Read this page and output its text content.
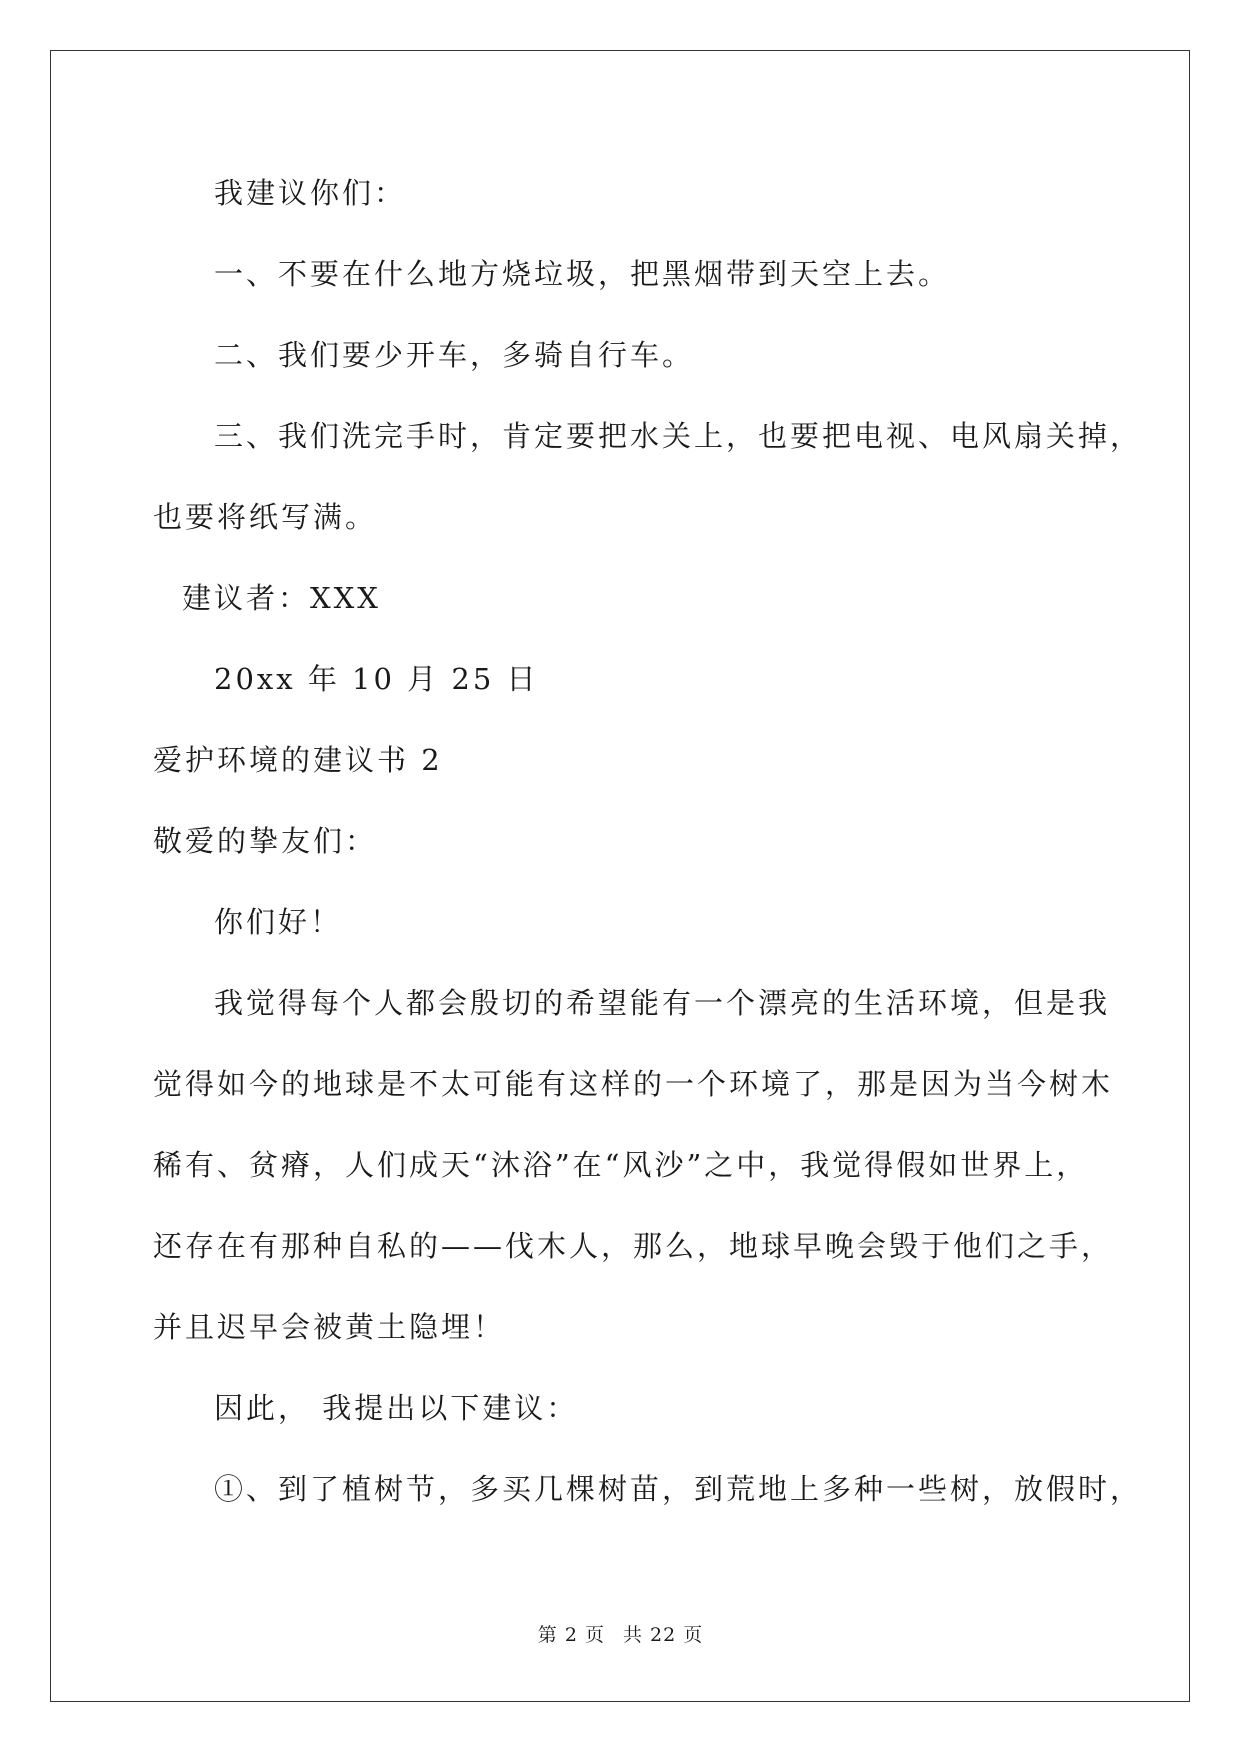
我建议你们：
一、不要在什么地方烧垃圾，把黑烟带到天空上去。
二、我们要少开车，多骑自行车。
三、我们洗完手时，肯定要把水关上，也要把电视、电风扇关掉，
也要将纸写满。
建议者：XXX
20xx 年 10 月 25 日
爱护环境的建议书 2
敬爱的挚友们：
你们好！
我觉得每个人都会殷切的希望能有一个漂亮的生活环境，但是我
觉得如今的地球是不太可能有这样的一个环境了，那是因为当今树木
稀有、贫瘠，人们成天“沐浴”在“风沙”之中，我觉得假如世界上，
还存在有那种自私的——伐木人，那么，地球早晚会毁于他们之手，
并且迟早会被黄土隐埋！
因此， 我提出以下建议：
①、到了植树节，多买几棵树苗，到荒地上多种一些树，放假时，
第 2 页 共 22 页
